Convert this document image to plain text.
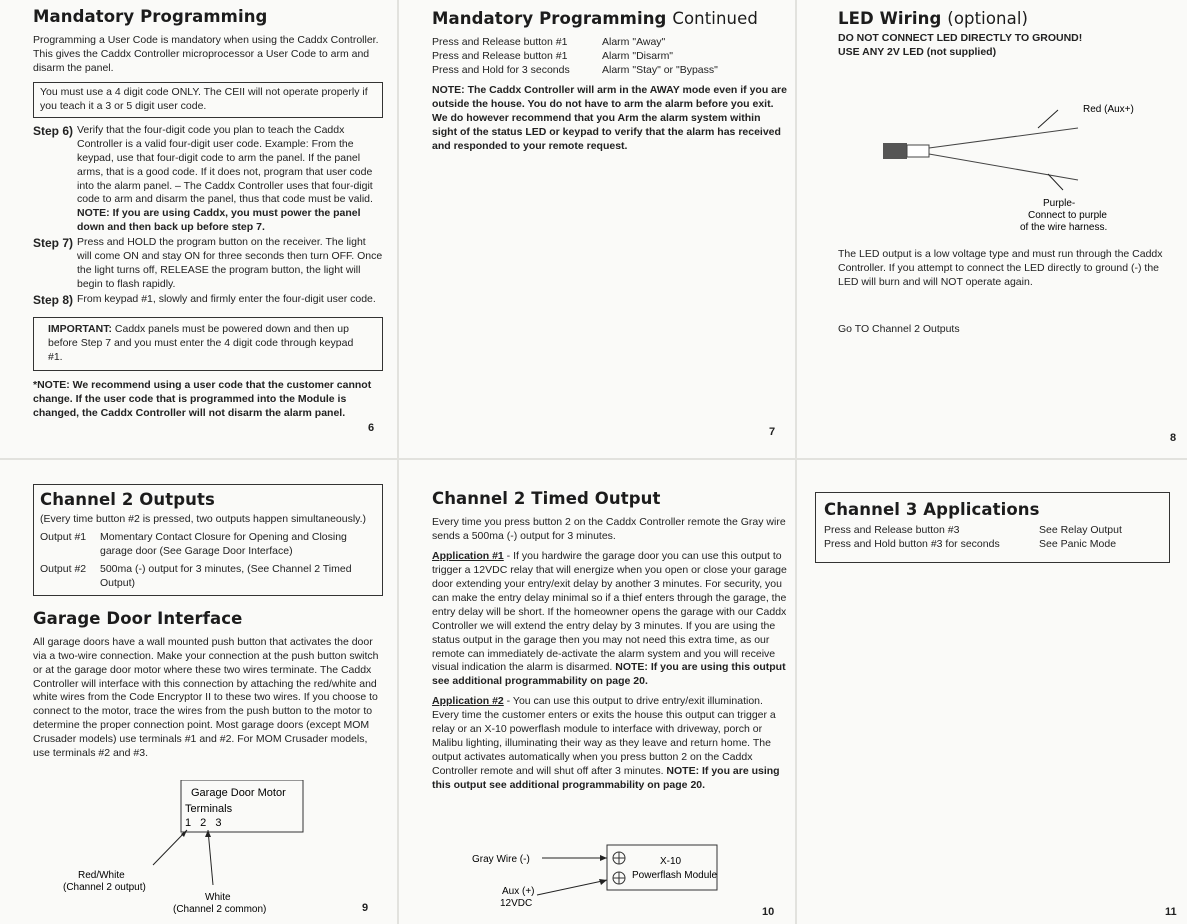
Mandatory Programming

Programming a User Code is mandatory when using the Caddx Controller. This gives the Caddx Controller microprocessor a User Code to arm and disarm the panel.

You must use a 4 digit code ONLY. The CEII will not operate properly if you teach it a 3 or 5 digit user code.
Step 6) Verify that the four-digit code you plan to teach the Caddx Controller is a valid four-digit user code. Example: From the keypad, use that four-digit code to arm the panel. If the panel arms, that is a good code. If it does not, program that user code into the alarm panel. – The Caddx Controller uses that four-digit code to arm and disarm the panel, thus that code must be valid. NOTE: If you are using Caddx, you must power the panel down and then back up before step 7.
Step 7) Press and HOLD the program button on the receiver. The light will come ON and stay ON for three seconds then turn OFF. Once the light turns off, RELEASE the program button, the light will begin to flash rapidly.
Step 8) From keypad #1, slowly and firmly enter the four-digit user code.
IMPORTANT: Caddx panels must be powered down and then up before Step 7 and you must enter the 4 digit code through keypad #1.

*NOTE: We recommend using a user code that the customer cannot change. If the user code that is programmed into the Module is changed, the Caddx Controller will not disarm the alarm panel.

6
Mandatory Programming Continued
Press and Release button #1	Alarm "Away"
Press and Release button #1	Alarm "Disarm"
Press and Hold for 3 seconds	Alarm "Stay" or "Bypass"

NOTE: The Caddx Controller will arm in the AWAY mode even if you are outside the house. You do not have to arm the alarm before you exit. We do however recommend that you Arm the alarm system within sight of the status LED or keypad to verify that the alarm has received and responded to your remote request.

7
LED Wiring (optional)
DO NOT CONNECT LED DIRECTLY TO GROUND!
USE ANY 2V LED (not supplied)
Red (Aux+)
Purple-
Connect to purple
of the wire harness.

The LED output is a low voltage type and must run through the Caddx Controller. If you attempt to connect the LED directly to ground (-) the LED will burn and will NOT operate again.

Go TO Channel 2 Outputs

8
Channel 2 Outputs
(Every time button #2 is pressed, two outputs happen simultaneously.)
Output #1	Momentary Contact Closure for Opening and Closing garage door (See Garage Door Interface)
Output #2	500ma (-) output for 3 minutes, (See Channel 2 Timed Output)
Garage Door Interface

All garage doors have a wall mounted push button that activates the door via a two-wire connection. Make your connection at the push button switch or at the garage door motor where these two wires terminate. The Caddx Controller will interface with this connection by attaching the red/white and white wires from the Code Encryptor II to these two wires. If you choose to connect to the motor, trace the wires from the push button to the motor to determine the proper connection point. Most garage doors (except MOM Crusader models) use terminals #1 and #2. For MOM Crusader models, use terminals #2 and #3.

Garage Door Motor
Terminals
1 2 3
Red/White
(Channel 2 output)
White
(Channel 2 common)	9
Channel 2 Timed Output

Every time you press button 2 on the Caddx Controller remote the Gray wire sends a 500ma (-) output for 3 minutes.

Application #1 - If you hardwire the garage door you can use this output to trigger a 12VDC relay that will energize when you open or close your garage door extending your entry/exit delay by another 3 minutes. For security, you can make the entry delay minimal so if a thief enters through the garage, the entry delay will be short. If the homeowner opens the garage with our Caddx Controller we will extend the entry delay by 3 minutes. If you are using the status output in the garage then you may not need this extra time, as our remote can immediately de-activate the alarm system and you will receive visual indication the alarm is disarmed. NOTE: If you are using this output see additional programmability on page 20.

Application #2 - You can use this output to drive entry/exit illumination. Every time the customer enters or exits the house this output can trigger a relay or an X-10 powerflash module to interface with driveway, porch or Malibu lighting, illuminating their way as they leave and return home. The output activates automatically when you press button 2 on the Caddx Controller remote and will shut off after 3 minutes. NOTE: If you are using this output see additional programmability on page 20.

Gray Wire (-)
Aux (+)
12VDC
X-10
Powerflash Module
10
Channel 3 Applications
Press and Release button #3	See Relay Output
Press and Hold button #3 for seconds	See Panic Mode
11
